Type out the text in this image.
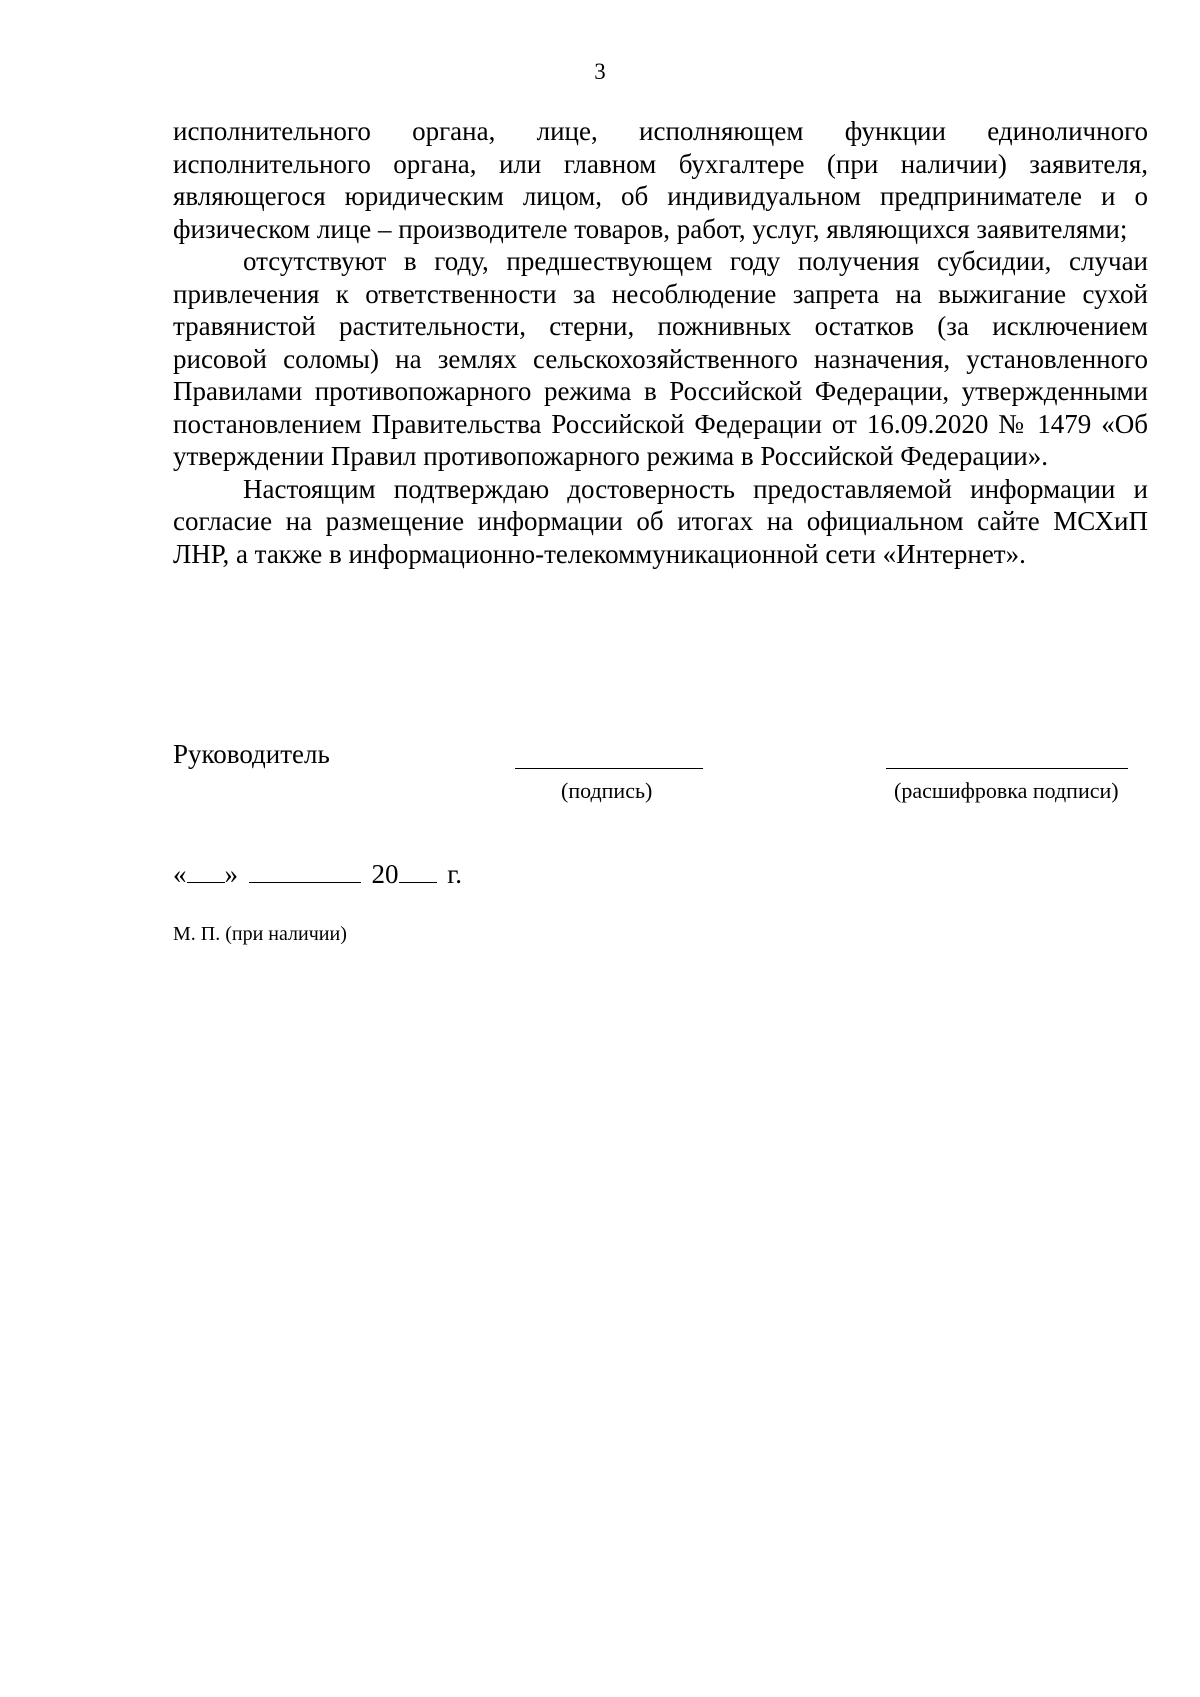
3

исполнительного органа, лице, исполняющем функции единоличного исполнительного органа, или главном бухгалтере (при наличии) заявителя, являющегося юридическим лицом, об индивидуальном предпринимателе и о физическом лице – производителе товаров, работ, услуг, являющихся заявителями;

отсутствуют в году, предшествующем году получения субсидии, случаи привлечения к ответственности за несоблюдение запрета на выжигание сухой травянистой растительности, стерни, пожнивных остатков (за исключением рисовой соломы) на землях сельскохозяйственного назначения, установленного Правилами противопожарного режима в Российской Федерации, утвержденными постановлением Правительства Российской Федерации от 16.09.2020 № 1479 «Об утверждении Правил противопожарного режима в Российской Федерации».

Настоящим подтверждаю достоверность предоставляемой информации и согласие на размещение информации об итогах на официальном сайте МСХиП ЛНР, а также в информационно-телекоммуникационной сети «Интернет».

Руководитель
(подпись)	(расшифровка подписи)
« »	20 г.
М. П. (при наличии)
